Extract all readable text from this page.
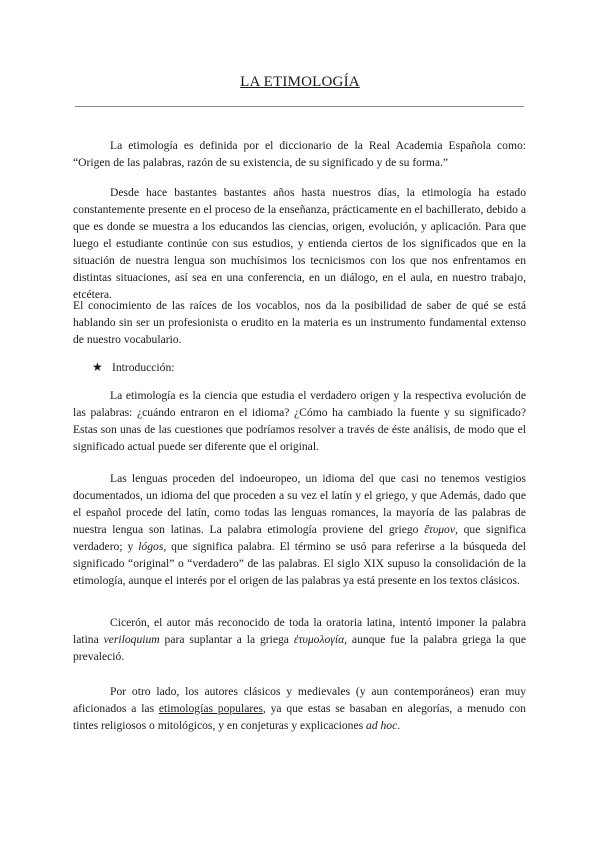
LA ETIMOLOGÍA

La etimología es definida por el diccionario de la Real Academia Española como: “Origen de las palabras, razón de su existencia, de su significado y de su forma.”

Desde hace bastantes bastantes años hasta nuestros días, la etimología ha estado constantemente presente en el proceso de la enseñanza, prácticamente en el bachillerato, debido a que es donde se muestra a los educandos las ciencias, origen, evolución, y aplicación. Para que luego el estudiante continúe con sus estudios, y entienda ciertos de los significados que en la situación de nuestra lengua son muchísimos los tecnicismos con los que nos enfrentamos en distintas situaciones, así sea en una conferencia, en un diálogo, en el aula, en nuestro trabajo, etcétera.

El conocimiento de las raíces de los vocablos, nos da la posibilidad de saber de qué se está hablando sin ser un profesionista o erudito en la materia es un instrumento fundamental extenso de nuestro vocabulario.

★ Introducción:

La etimología es la ciencia que estudia el verdadero origen y la respectiva evolución de las palabras: ¿cuándo entraron en el idioma? ¿Cómo ha cambiado la fuente y su significado? Estas son unas de las cuestiones que podríamos resolver a través de éste análisis, de modo que el significado actual puede ser diferente que el original.

Las lenguas proceden del indoeuropeo, un idioma del que casi no tenemos vestigios documentados, un idioma del que proceden a su vez el latín y el griego, y que Además, dado que el español procede del latín, como todas las lenguas romances, la mayoría de las palabras de nuestra lengua son latinas. La palabra etimología proviene del griego ἔτυμον, que significa verdadero; y lógos, que significa palabra. El término se usó para referirse a la búsqueda del significado “original” o “verdadero” de las palabras. El siglo XIX supuso la consolidación de la etimología, aunque el interés por el origen de las palabras ya está presente en los textos clásicos.

Cicerón, el autor más reconocido de toda la oratoria latina, intentó imponer la palabra latina veriloquium para suplantar a la griega ἐτυμολογία, aunque fue la palabra griega la que prevaleció.

Por otro lado, los autores clásicos y medievales (y aun contemporáneos) eran muy aficionados a las etimologías populares, ya que estas se basaban en alegorías, a menudo con tintes religiosos o mitológicos, y en conjeturas y explicaciones ad hoc.
